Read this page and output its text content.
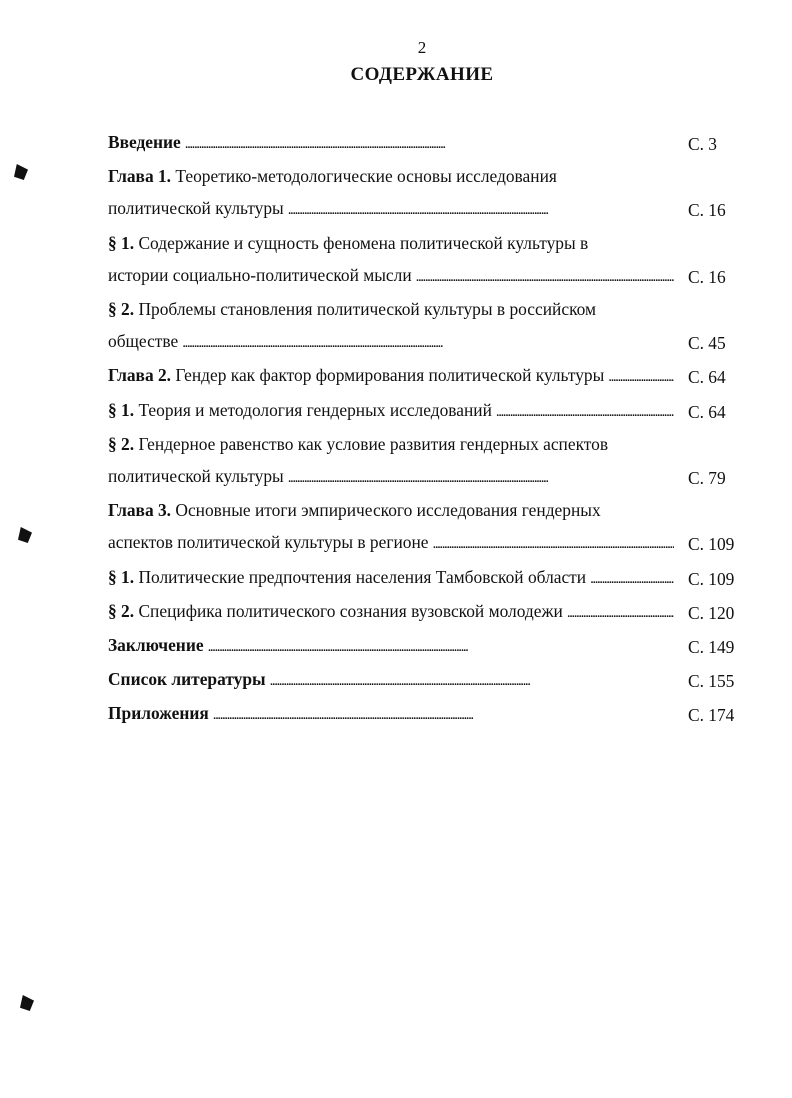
2
СОДЕРЖАНИЕ
Введение . . .	С. 3
Глава 1. Теоретико-методологические основы исследования
политической культуры . . .	С. 16
§ 1. Содержание и сущность феномена политической культуры в
истории социально-политической мысли . . .	С. 16
§ 2. Проблемы становления политической культуры в российском
обществе . . .	С. 45
Глава 2.
Гендер как фактор формирования политической культуры . . .	С. 64
§ 1.
Теория и методология гендерных исследований . . .	С. 64
§ 2. Гендерное равенство как условие развития гендерных аспектов
политической культуры . . .	С. 79
Глава 3. Основные итоги эмпирического исследования гендерных
аспектов политической культуры в регионе . . .	С. 109
§ 1.
Политические предпочтения населения Тамбовской области . . .	С. 109
§ 2.
Специфика политического сознания вузовской молодежи . . .	С. 120
Заключение . . .	С. 149
Список литературы . . .	С. 155
Приложения . . .	С. 174
